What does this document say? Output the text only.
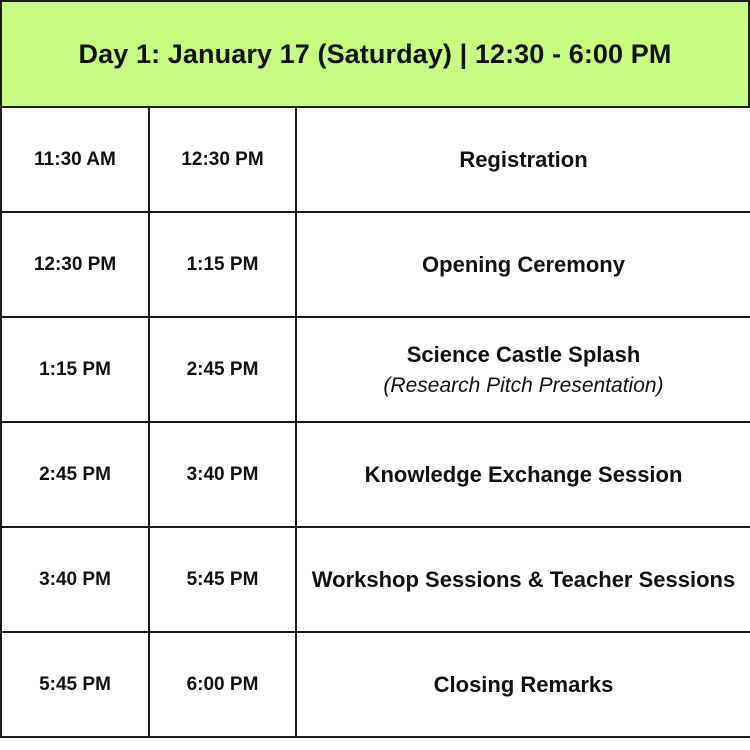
Day 1: January 17 (Saturday) | 12:30 - 6:00 PM
11:30 AM	12:30 PM	Registration
12:30 PM	1:15 PM	Opening Ceremony
1:15 PM	2:45 PM	Science Castle Splash
(Research Pitch Presentation)

2:45 PM	3:40 PM	Knowledge Exchange Session
3:40 PM	5:45 PM	Workshop Sessions & Teacher Sessions
5:45 PM	6:00 PM	Closing Remarks
